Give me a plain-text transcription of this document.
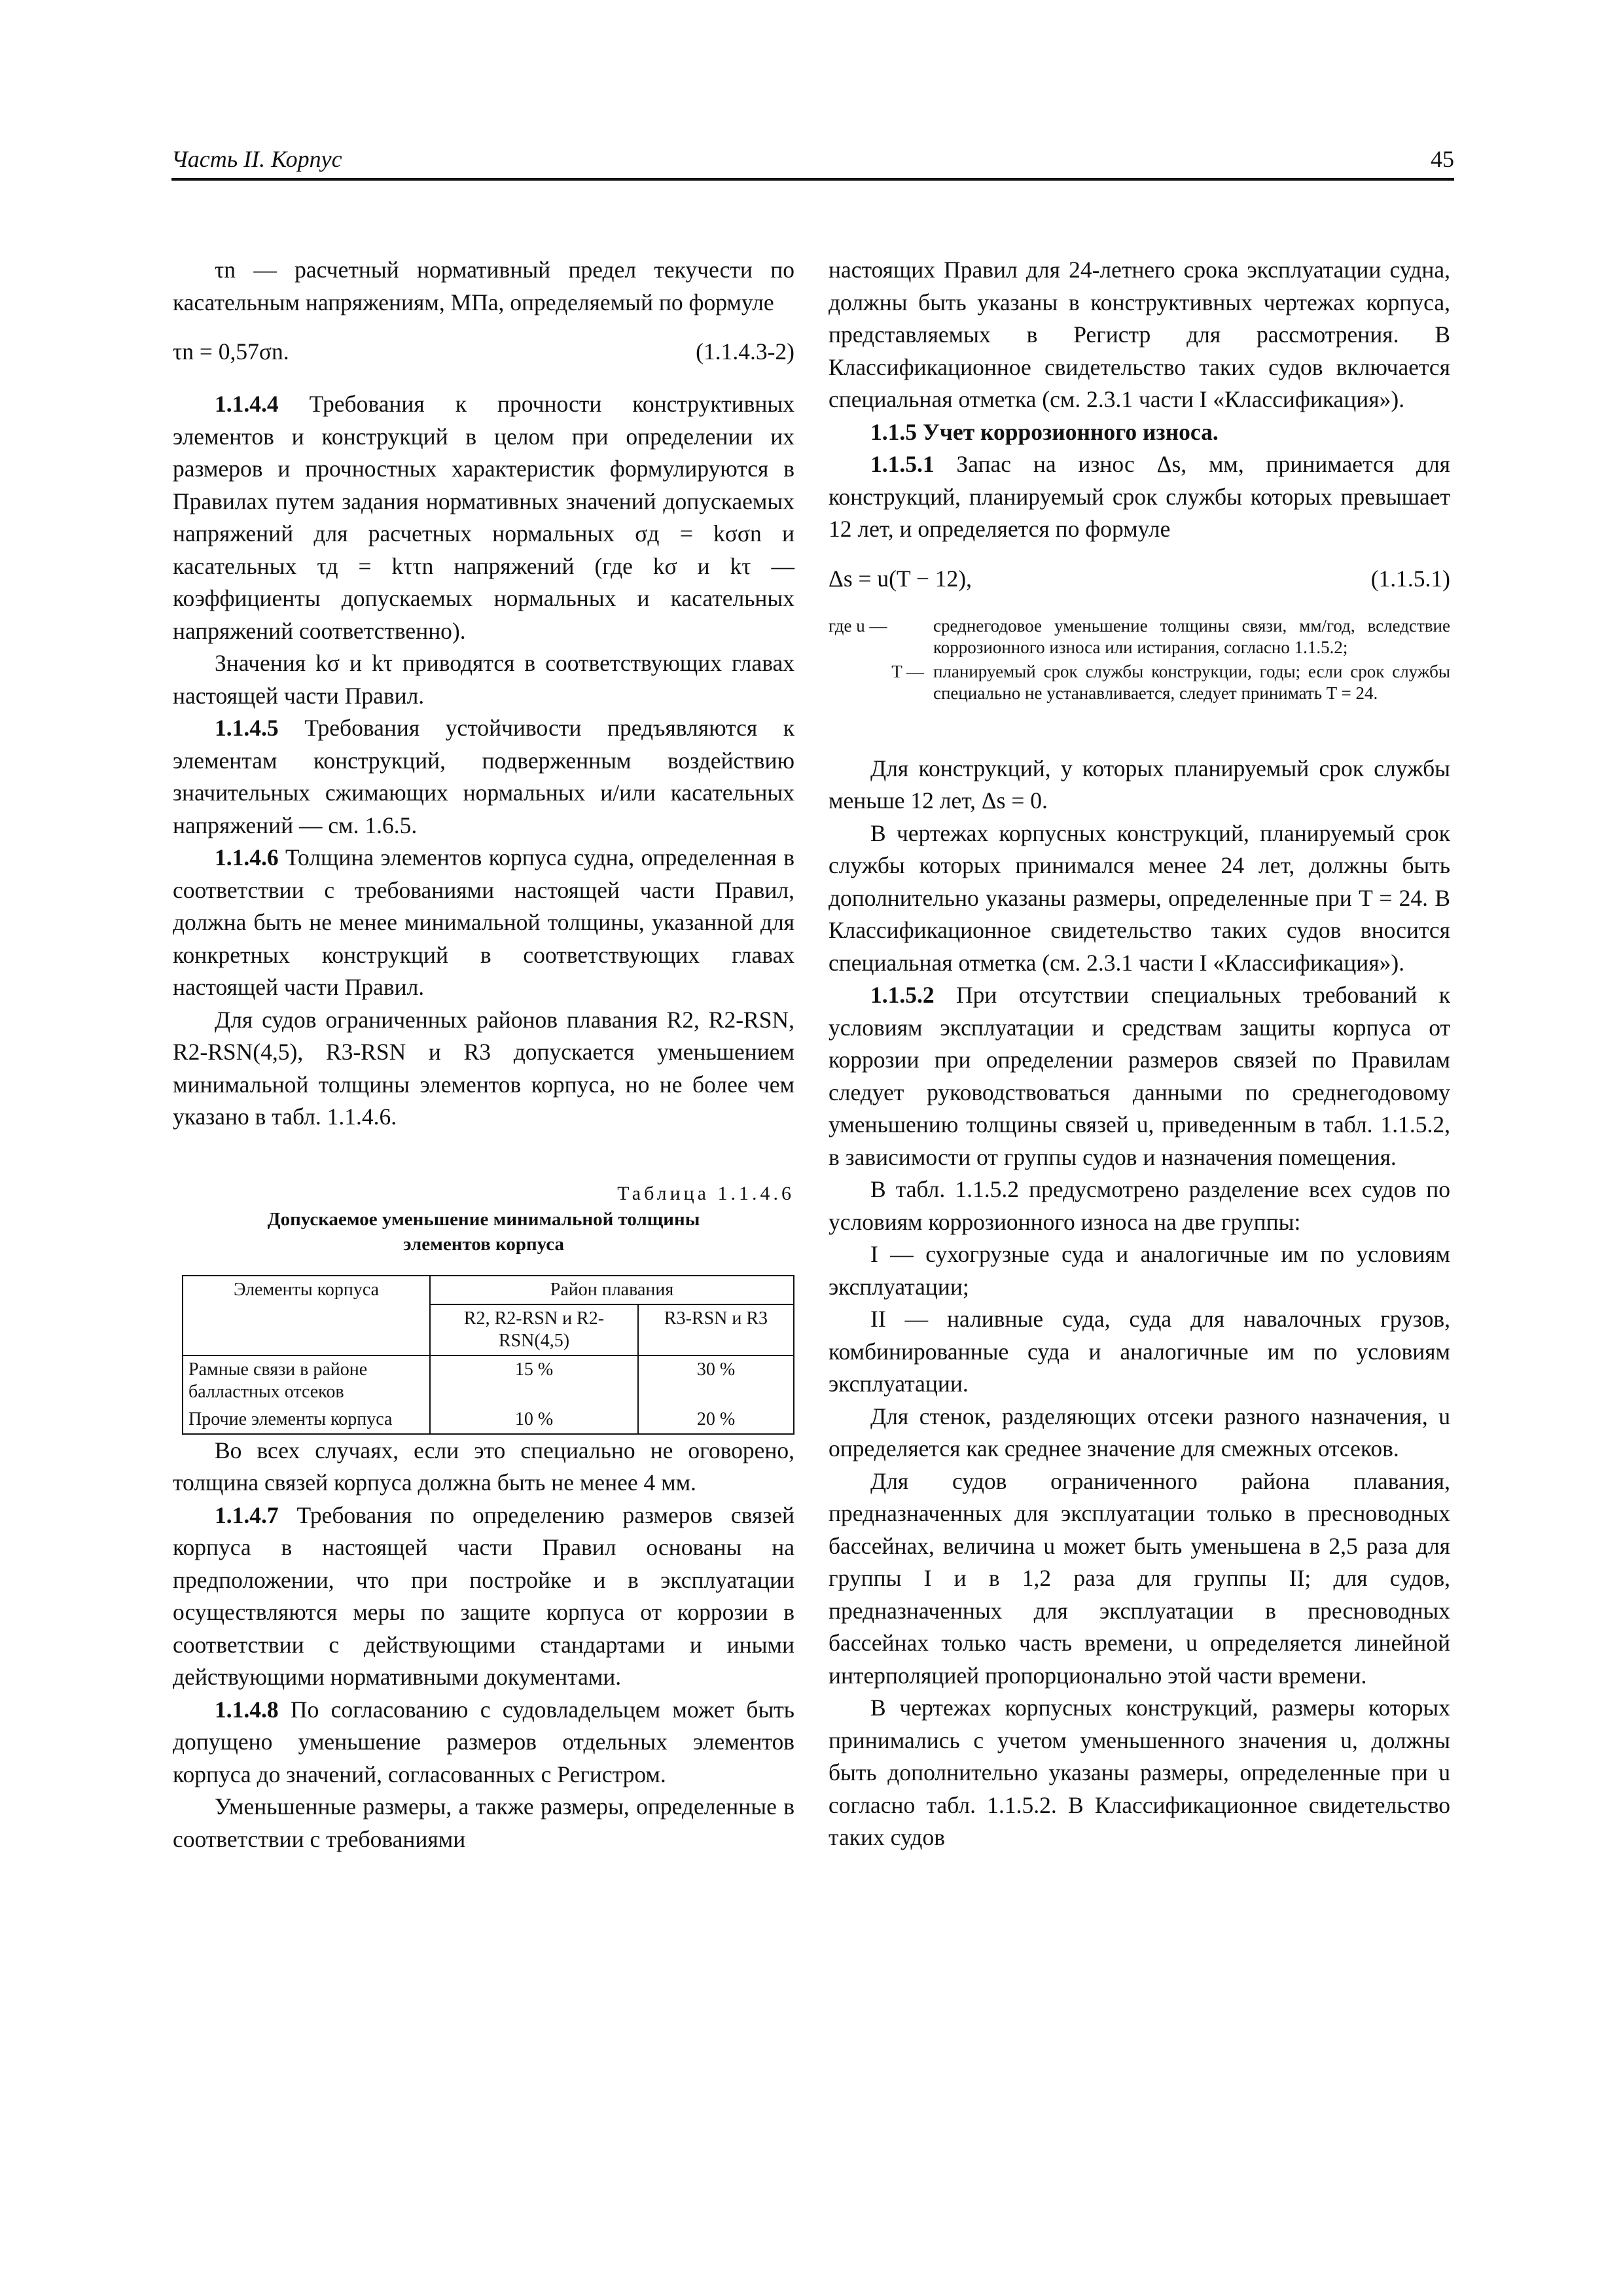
Часть II. Корпус	45

τn — расчетный нормативный предел текучести по касательным напряжениям, МПа, определяемый по формуле

τn = 0,57σn.	(1.1.4.3-2)

1.1.4.4 Требования к прочности конструктивных элементов и конструкций в целом при определении их размеров и прочностных характеристик формулируются в Правилах путем задания нормативных значений допускаемых напряжений для расчетных нормальных σд = kσσn и касательных τд = kττn напряжений (где kσ и kτ — коэффициенты допускаемых нормальных и касательных напряжений соответственно).

Значения kσ и kτ приводятся в соответствующих главах настоящей части Правил.

1.1.4.5 Требования устойчивости предъявляются к элементам конструкций, подверженным воздействию значительных сжимающих нормальных и/или касательных напряжений — см. 1.6.5.

1.1.4.6 Толщина элементов корпуса судна, определенная в соответствии с требованиями настоящей части Правил, должна быть не менее минимальной толщины, указанной для конкретных конструкций в соответствующих главах настоящей части Правил.

Для судов ограниченных районов плавания R2, R2-RSN, R2-RSN(4,5), R3-RSN и R3 допускается уменьшением минимальной толщины элементов корпуса, но не более чем указано в табл. 1.1.4.6.

Таблица 1.1.4.6
Допускаемое уменьшение минимальной толщины
элементов корпуса
Элементы корпуса	Район плавания	
	R2, R2-RSN и R2-RSN(4,5)	R3-RSN и R3
Рамные связи в районе балластных отсеков	15 %	30 %
Прочие элементы корпуса	10 %	20 %

Во всех случаях, если это специально не оговорено, толщина связей корпуса должна быть не менее 4 мм.

1.1.4.7 Требования по определению размеров связей корпуса в настоящей части Правил основаны на предположении, что при постройке и в эксплуатации осуществляются меры по защите корпуса от коррозии в соответствии с действующими стандартами и иными действующими нормативными документами.

1.1.4.8 По согласованию с судовладельцем может быть допущено уменьшение размеров отдельных элементов корпуса до значений, согласованных с Регистром.

Уменьшенные размеры, а также размеры, определенные в соответствии с требованиями

настоящих Правил для 24-летнего срока эксплуатации судна, должны быть указаны в конструктивных чертежах корпуса, представляемых в Регистр для рассмотрения. В Классификационное свидетельство таких судов включается специальная отметка (см. 2.3.1 части I «Классификация»).

1.1.5 Учет коррозионного износа.

1.1.5.1 Запас на износ Δs, мм, принимается для конструкций, планируемый срок службы которых превышает 12 лет, и определяется по формуле

Δs = u(T − 12),	(1.1.5.1)
где u —	среднегодовое уменьшение толщины связи, мм/год, вследствие коррозионного износа или истирания, согласно 1.1.5.2;
T — планируемый срок службы конструкции, годы; если срок службы специально не устанавливается, следует принимать T = 24.

Для конструкций, у которых планируемый срок службы меньше 12 лет, Δs = 0.

В чертежах корпусных конструкций, планируемый срок службы которых принимался менее 24 лет, должны быть дополнительно указаны размеры, определенные при T = 24. В Классификационное свидетельство таких судов вносится специальная отметка (см. 2.3.1 части I «Классификация»).

1.1.5.2 При отсутствии специальных требований к условиям эксплуатации и средствам защиты корпуса от коррозии при определении размеров связей по Правилам следует руководствоваться данными по среднегодовому уменьшению толщины связей u, приведенным в табл. 1.1.5.2, в зависимости от группы судов и назначения помещения.

В табл. 1.1.5.2 предусмотрено разделение всех судов по условиям коррозионного износа на две группы:

I — сухогрузные суда и аналогичные им по условиям эксплуатации;

II — наливные суда, суда для навалочных грузов, комбинированные суда и аналогичные им по условиям эксплуатации.

Для стенок, разделяющих отсеки разного назначения, u определяется как среднее значение для смежных отсеков.

Для судов ограниченного района плавания, предназначенных для эксплуатации только в пресноводных бассейнах, величина u может быть уменьшена в 2,5 раза для группы I и в 1,2 раза для группы II; для судов, предназначенных для эксплуатации в пресноводных бассейнах только часть времени, u определяется линейной интерполяцией пропорционально этой части времени.

В чертежах корпусных конструкций, размеры которых принимались с учетом уменьшенного значения u, должны быть дополнительно указаны размеры, определенные при u согласно табл. 1.1.5.2. В Классификационное свидетельство таких судов
